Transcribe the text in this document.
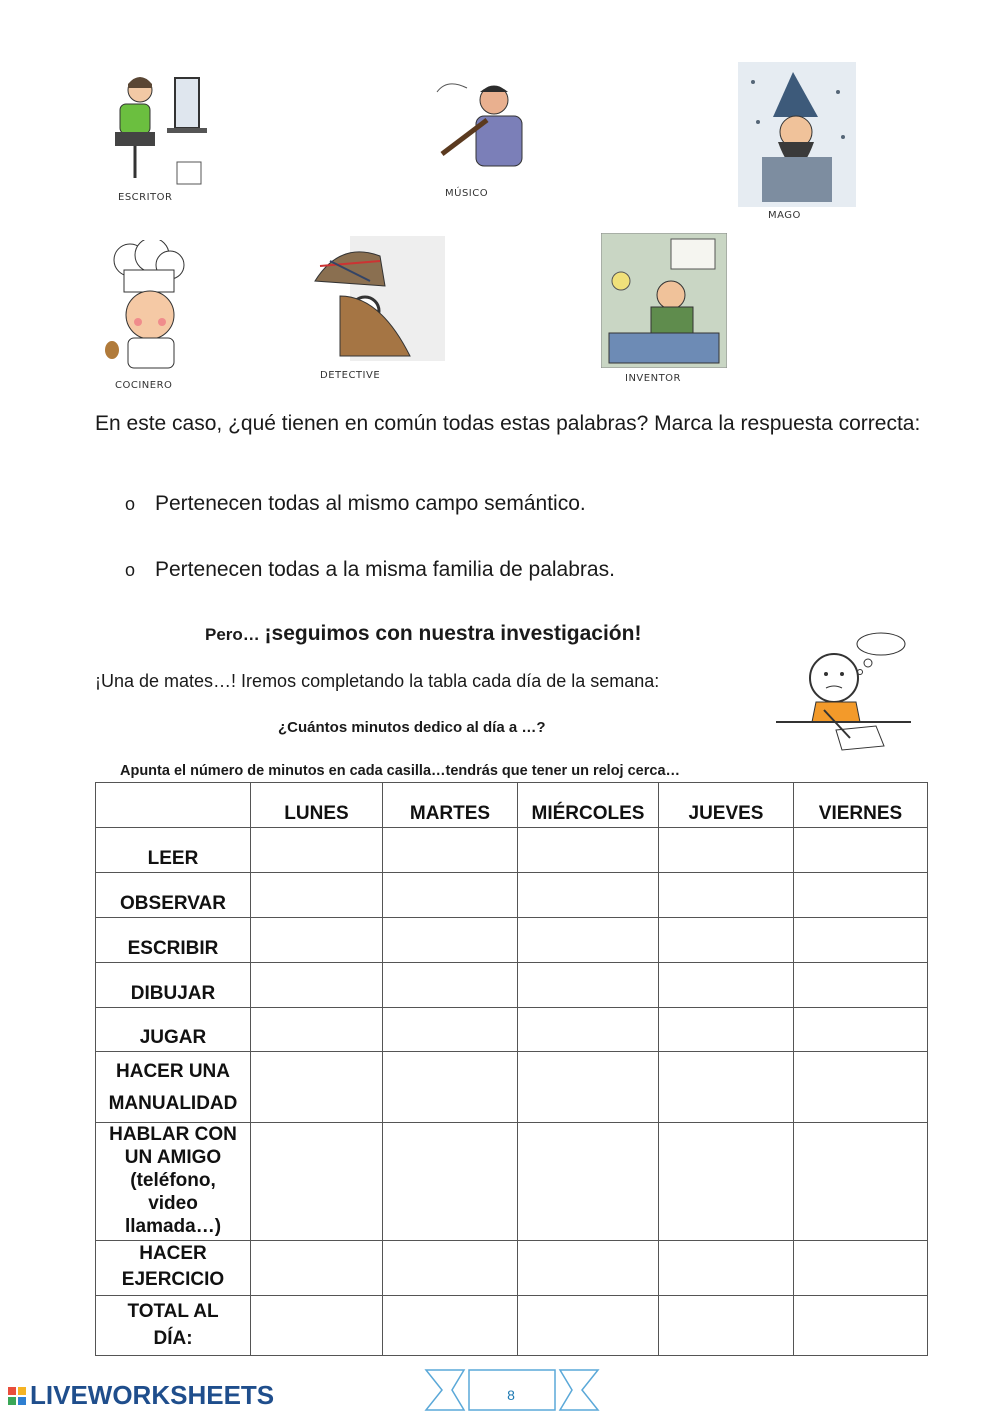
ESCRITOR	MÚSICO
MAGO
COCINERO
DETECTIVE	INVENTOR
En este caso, ¿qué tienen en común todas estas palabras? Marca la respuesta correcta:
o Pertenecen todas al mismo campo semántico.
o Pertenecen todas a la misma familia de palabras.
Pero… ¡seguimos con nuestra investigación!
¡Una de mates…! Iremos completando la tabla cada día de la semana:
¿Cuántos minutos dedico al día a …?
Apunta el número de minutos en cada casilla…tendrás que tener un reloj cerca…
	LUNES	MARTES	MIÉRCOLES	JUEVES	VIERNES

LEER					

OBSERVAR					

ESCRIBIR					

DIBUJAR					

JUGAR					

HACER UNA
MANUALIDAD					

HABLAR CON
UN AMIGO
(teléfono,
video
llamada…)					

HACER
EJERCICIO					

TOTAL AL
DÍA:					

LIVEWORKSHEETS	8
